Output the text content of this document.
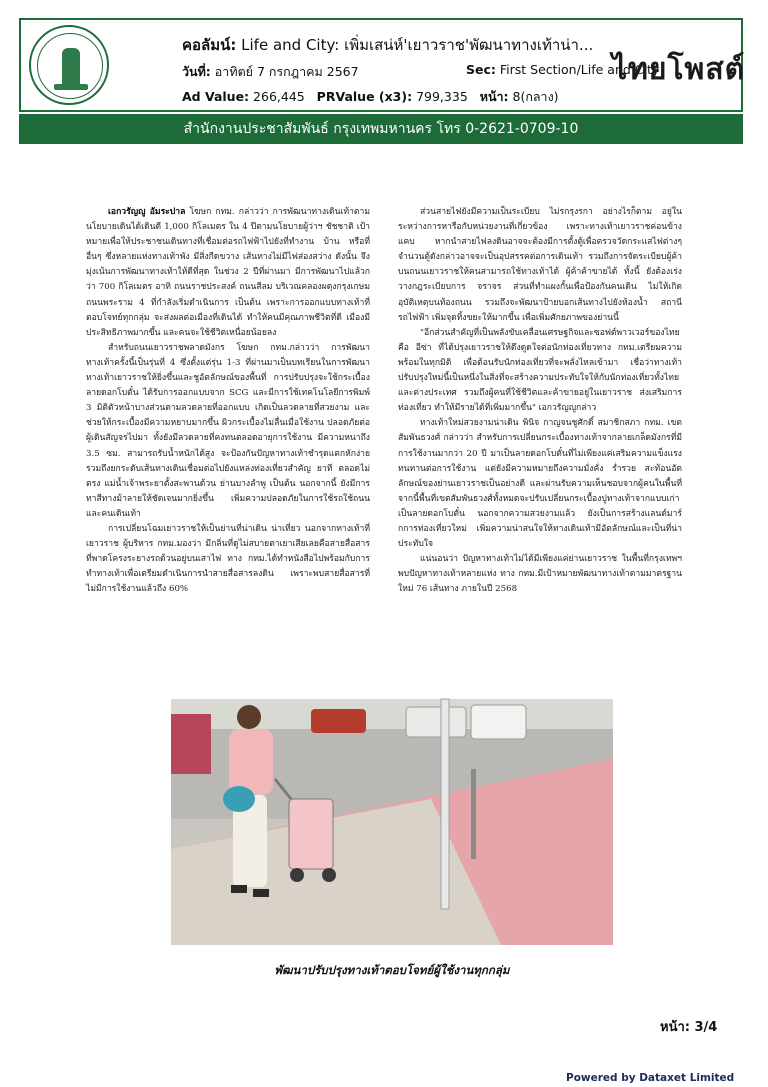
คอลัมน์: Life and City: เพิ่มเสน่ห์'เยาวราช'พัฒนาทางเท้าน่า...
วันที่: อาทิตย์ 7 กรกฎาคม 2567	Sec: First Section/Life and City
Ad Value: 266,445 PRValue (x3): 799,335 หน้า: 8(กลาง)
ไทยโพสต์
สำนักงานประชาสัมพันธ์ กรุงเทพมหานคร โทร 0-2621-0709-10

เอกวรัญญู อัมระปาล โฆษก กทม. กล่าวว่า การพัฒนาทางเดินเท้าตามนโยบายเดินได้เดินดี 1,000 กิโลเมตร ใน 4 ปีตามนโยบายผู้ว่าฯ ชัชชาติ เป้าหมายเพื่อให้ประชาชนเดินทางที่เชื่อมต่อรถไฟฟ้าไปยังที่ทำงาน บ้าน หรือที่อื่นๆ ซึ่งหลายแห่งทางเท้าพัง มีสิ่งกีดขวาง เส้นทางไม่มีไฟส่องสว่าง ดังนั้น จึงมุ่งเน้นการพัฒนาทางเท้าให้ดีที่สุด ในช่วง 2 ปีที่ผ่านมา มีการพัฒนาไปแล้วกว่า 700 กิโลเมตร อาทิ ถนนราชประสงค์ ถนนสีลม บริเวณคลองผดุงกรุงเกษม ถนนพระราม 4 ที่กำลังเริ่มดำเนินการ เป็นต้น เพราะการออกแบบทางเท้าที่ตอบโจทย์ทุกกลุ่ม จะส่งผลต่อเมืองที่เดินได้ ทำให้คนมีคุณภาพชีวิตที่ดี เมืองมีประสิทธิภาพมากขึ้น และคนจะใช้ชีวิตเหนื่อยน้อยลง

สำหรับถนนเยาวราชพลาดมังกร โฆษก กทม.กล่าวว่า การพัฒนาทางเท้าครั้งนี้เป็นรุ่นที่ 4 ซึ่งตั้งแต่รุ่น 1-3 ที่ผ่านมาเป็นบทเรียนในการพัฒนาทางเท้าเยาวราชให้ยิ่งขึ้นและชูอัตลักษณ์ของพื้นที่ การปรับปรุงจะใช้กระเบื้องลายดอกโบตั๋น ได้รับการออกแบบจาก SCG และมีการใช้เทคโนโลยีการพิมพ์ 3 มิติตัวหน้าบางส่วนตามลวดลายที่ออกแบบ เกิดเป็นลวดลายที่สวยงาม และช่วยให้กระเบื้องมีความหยาบมากขึ้น ผิวกระเบื้องไม่ลื่นเมื่อใช้งาน ปลอดภัยต่อผู้เดินสัญจรไปมา ทั้งยังมีลวดลายที่คงทนตลอดอายุการใช้งาน มีความหนาถึง 3.5 ซม. สามารถรับน้ำหนักได้สูง จะป้องกันปัญหาทางเท้าชำรุดแตกหักง่าย รวมถึงยกระดับเส้นทางเดินเชื่อมต่อไปยังแหล่งท่องเที่ยวสำคัญ ยาที ตลอดไม่ตรง แม่น้ำเจ้าพระยาตั้งสะพานด้วน ย่านบางลำพู เป็นต้น นอกจากนี้ ยังมีการทาสีทางม้าลายให้ชัดเจนมากยิ่งขึ้น เพิ่มความปลอดภัยในการใช้รถใช้ถนนและคนเดินเท้า

การเปลี่ยนโฉมเยาวราชให้เป็นย่านที่น่าเดิน น่าเที่ยว นอกจากทางเท้าที่เยาวราช ผู้บริหาร กทม.มองว่า มีกลิ่นที่ดูไม่สบายตาเยาเสียเลยคือสายสื่อสารที่พาดโครงระยางรถด้วนอยู่บนเสาไฟ ทาง กทม.ได้ทำหนังสือไปพร้อมกับการทำทางเท้าเพื่อเตรียมดำเนินการนำสายสื่อสารลงดิน เพราะพบสายสื่อสารที่ไม่มีการใช้งานแล้วถึง 60%

ส่วนสายไฟยังมีความเป็นระเบียบ ไม่รกรุงรกา อย่างไรก็ตาม อยู่ในระหว่างการหารือกับหน่วยงานที่เกี่ยวข้อง เพราะทางเท้าเยาวราชค่อนข้างแคบ หากนำสายไฟลงดินอาจจะต้องมีการตั้งตู้เพื่อตรวจวัดกระแสไฟต่างๆ จำนวนตู้ดังกล่าวอาจจะเป็นอุปสรรคต่อการเดินเท้า รวมถึงการจัดระเบียบผู้ค้าบนถนนเยาวราชให้คนสามารถใช้ทางเท้าได้ ผู้ค้าค้าขายได้ ทั้งนี้ ยังต้องเร่งวางกฎระเบียบการ จราจร ส่วนที่ทำแผงกั้นเพื่อป้องกันคนเดิน ไม่ให้เกิดอุบัติเหตุบนท้องถนน รวมถึงจะพัฒนาป้ายบอกเส้นทางไปยังห้องน้ำ สถานีรถไฟฟ้า เพิ่มจุดทิ้งขยะให้มากขึ้น เพื่อเพิ่มศักยภาพของย่านนี้

"อีกส่วนสำคัญที่เป็นพลังขับเคลื่อนเศรษฐกิจและซอฟต์พาวเวอร์ของไทยคือ อีซ่า ที่ได้ปรุงเยาวราชให้ดึงดูดใจต่อนักท่องเที่ยวทาง กทม.เตรียมความพร้อมในทุกมิติ เพื่อต้อนรับนักท่องเที่ยวที่จะพลั่งไหลเข้ามา เชื่อว่าทางเท้าปรับปรุงใหม่นี้เป็นหนึ่งในสิ่งที่จะสร้างความประทับใจให้กับนักท่องเที่ยวทั้งไทยและต่างประเทศ รวมถึงผู้คนที่ใช้ชีวิตและค้าขายอยู่ในเยาวราช ส่งเสริมการท่องเที่ยว ทำให้มีรายได้ที่เพิ่มมากขึ้น" เอกวรัญญูกล่าว

ทางเท้าใหม่สวยงามน่าเดิน พินิจ กาญจนชูศักดิ์ สมาชิกสภา กทม. เขตสัมพันธวงศ์ กล่าวว่า สำหรับการเปลี่ยนกระเบื้องทางเท้าจากลายเกล็ดมังกรที่มีการใช้งานมากว่า 20 ปี มาเป็นลายดอกโบตั๋นที่ไม่เพียงแค่เสริมความแข็งแรงทนทานต่อการใช้งาน แต่ยังมีความหมายถึงความมั่งคั่ง ร่ำรวย สะท้อนอัตลักษณ์ของย่านเยาวราชเป็นอย่างดี และผ่านรับความเห็นชอบจากผู้คนในพื้นที่ จากนี้พื้นที่เขตสัมพันธวงศ์ทั้งหมดจะปรับเปลี่ยนกระเบื้องปูทางเท้าจากแบบเก่าเป็นลายดอกโบตั๋น นอกจากความสวยงามแล้ว ยังเป็นการสร้างแลนด์มาร์กการท่องเที่ยวใหม่ เพิ่มความน่าสนใจให้ทางเดินเท้ามีอัตลักษณ์และเป็นที่น่าประทับใจ

แน่นอนว่า ปัญหาทางเท้าไม่ได้มีเพียงแค่ย่านเยาวราช ในพื้นที่กรุงเทพฯ พบปัญหาทางเท้าหลายแห่ง ทาง กทม.มีเป้าหมายพัฒนาทางเท้าตามมาตรฐานใหม่ 76 เส้นทาง ภายในปี 2568

พัฒนาปรับปรุงทางเท้าตอบโจทย์ผู้ใช้งานทุกกลุ่ม
หน้า: 3/4
Powered by Dataxet Limited
